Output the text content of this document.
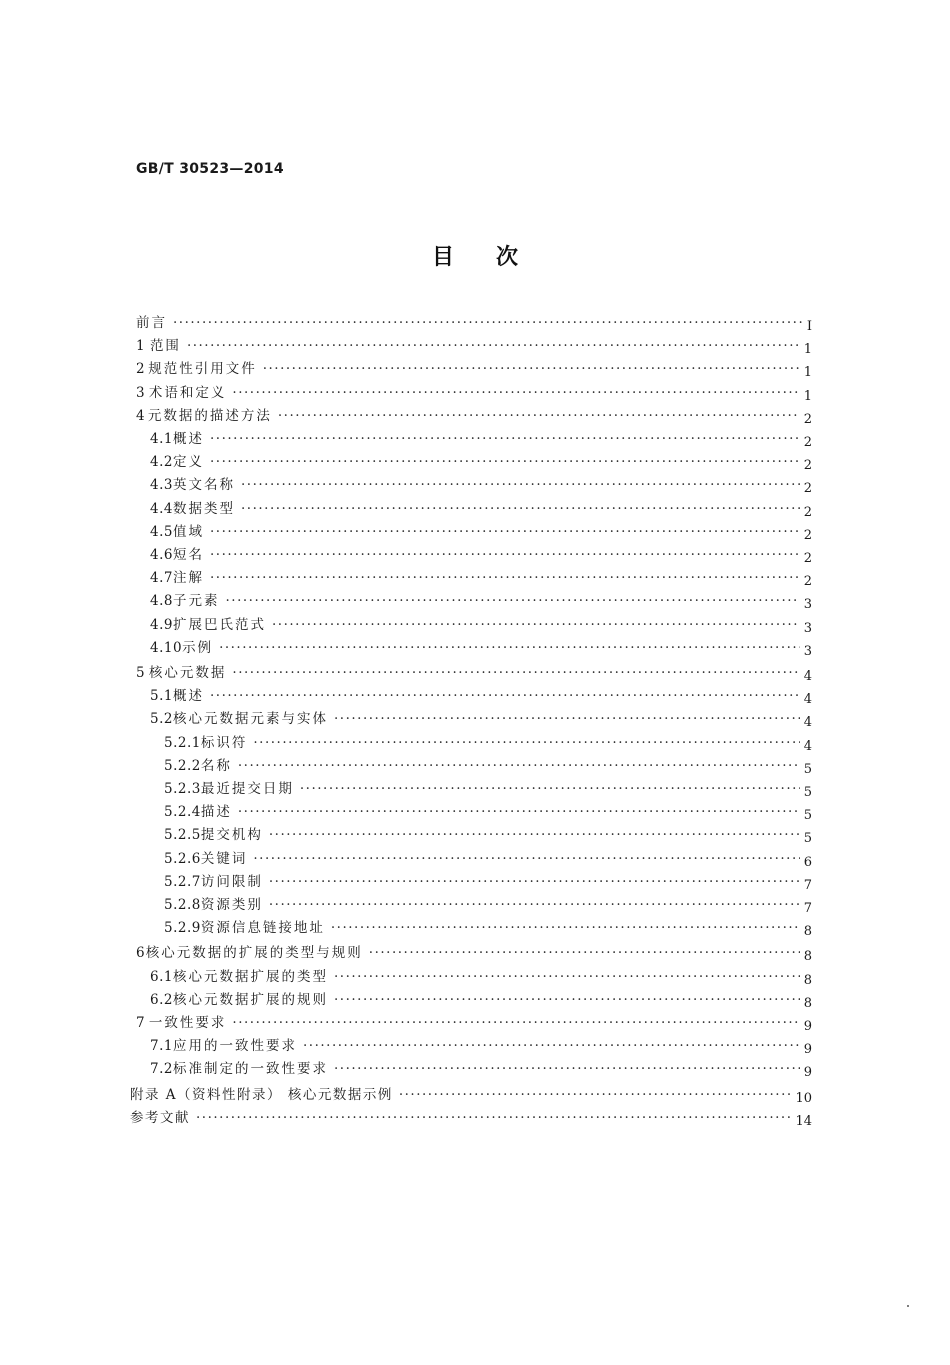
GB/T 30523—2014
目次
前言 ·····	I
1 范围 ·····	1
2 规范性引用文件 ·····	1
3 术语和定义 ·····	1
4 元数据的描述方法 ·····	2
4.1 概述 ·····	2
4.2 定义 ·····	2
4.3 英文名称 ·····	2
4.4 数据类型 ·····	2
4.5 值域 ·····	2
4.6 短名 ·····	2
4.7 注解 ·····	2
4.8 子元素 ·····	3
4.9 扩展巴氏范式 ·····	3
4.10 示例 ·····	3
5 核心元数据 ·····	4
5.1 概述 ·····	4
5.2 核心元数据元素与实体 ·····	4
5.2.1 标识符 ·····	4
5.2.2 名称 ·····	5
5.2.3 最近提交日期 ·····	5
5.2.4 描述 ·····	5
5.2.5 提交机构 ·····	5
5.2.6 关键词 ·····	6
5.2.7 访问限制 ·····	7
5.2.8 资源类别 ·····	7
5.2.9 资源信息链接地址 ·····	8
6 核心元数据的扩展的类型与规则 ·····	8
6.1 核心元数据扩展的类型 ·····	8
6.2 核心元数据扩展的规则 ·····	8
7 一致性要求 ·····	9
7.1 应用的一致性要求 ·····	9
7.2 标准制定的一致性要求 ·····	9
附录 A（资料性附录） 核心元数据示例 ·····	10
参考文献 ·····	14
